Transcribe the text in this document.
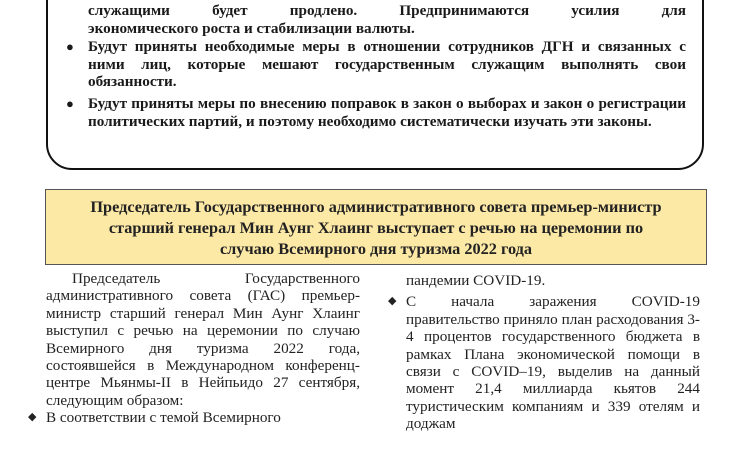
служащими будет продлено. Предпринимаются усилия для
экономического роста и стабилизации валюты.
● Будут приняты необходимые меры в отношении сотрудников ДГН и связанных с ними лиц, которые мешают государственным служащим выполнять свои обязанности.
● Будут приняты меры по внесению поправок в закон о выборах и закон о регистрации политических партий, и поэтому необходимо систематически изучать эти законы.
Председатель Государственного административного совета премьер-министр старший генерал Мин Аунг Хлаинг выступает с речью на церемонии по случаю Всемирного дня туризма 2022 года

Председатель Государственного административного совета (ГАС) премьер-министр старший генерал Мин Аунг Хлаинг выступил с речью на церемонии по случаю Всемирного дня туризма 2022 года, состоявшейся в Международном конференц-центре Мьянмы-II в Нейпьидо 27 сентября, следующим образом:

◆ В соответствии с темой Всемирного

пандемии COVID-19.

◆ С начала заражения COVID-19 правительство приняло план расходования 3-4 процентов государственного бюджета в рамках Плана экономической помощи в связи с COVID–19, выделив на данный момент 21,4 миллиарда кьятов 244 туристическим компаниям и 339 отелям и доджам
